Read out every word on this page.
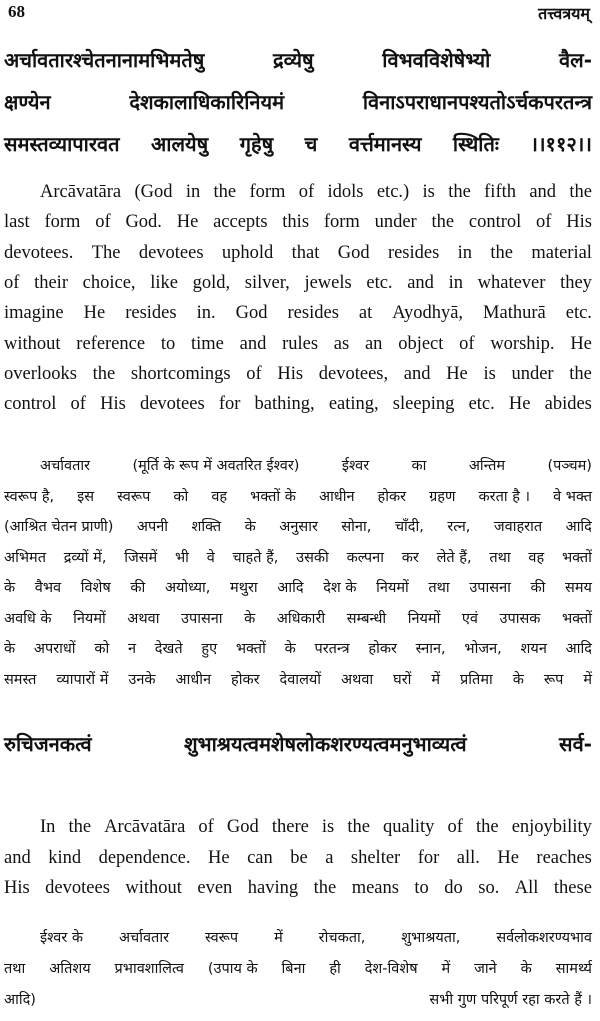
68	तत्त्वत्रयम्
अर्चावतारश्चेतनानामभिमतेषु	द्रव्येषु	विभवविशेषेभ्यो	वैल-
क्षण्येन	देशकालाधिकारिनियमं	विनाऽपराधानपश्यतोऽर्चकपरतन्त्र
समस्तव्यापारवत आलयेषु गृहेषु च वर्त्तमानस्य स्थितिः ।।११२।।
Arcāvatāra (God in the form of idols etc.) is the fifth and the
last form of God. He accepts this form under the control of His
devotees. The devotees uphold that God resides in the material
of their choice, like gold, silver, jewels etc. and in whatever they
imagine He resides in. God resides at Ayodhyā, Mathurā etc.
without reference to time and rules as an object of worship. He
overlooks the shortcomings of His devotees, and He is under the
control of His devotees for bathing, eating, sleeping etc. He abides
अर्चावतार	(मूर्ति के रूप में अवतरित ईश्वर)	ईश्वर	का	अन्तिम	(पञ्चम)
स्वरूप है, इस स्वरूप को वह भक्तों के आधीन होकर ग्रहण करता है । वे भक्त
(आश्रित चेतन प्राणी) अपनी शक्ति के अनुसार सोना, चाँदी, रत्न, जवाहरात आदि
अभिमत द्रव्यों में, जिसमें भी वे चाहते हैं, उसकी कल्पना कर लेते हैं, तथा वह भक्तों
के वैभव विशेष की अयोध्या, मथुरा आदि देश के नियमों तथा उपासना की समय
अवधि के नियमों अथवा उपासना के अधिकारी सम्बन्धी नियमों एवं उपासक भक्तों
के अपराधों को न देखते हुए भक्तों के परतन्त्र होकर स्नान, भोजन, शयन आदि
समस्त व्यापारों में उनके आधीन होकर देवालयों अथवा घरों में प्रतिमा के रूप में
रुचिजनकत्वं	शुभाश्रयत्वमशेषलोकशरण्यत्वमनुभाव्यत्वं	सर्व-
In the Arcāvatāra of God there is the quality of the enjoybility
and kind dependence. He can be a shelter for all. He reaches
His devotees without even having the means to do so. All these
ईश्वर के अर्चावतार स्वरूप में रोचकता, शुभाश्रयता, सर्वलोकशरण्यभाव
तथा अतिशय प्रभावशालित्व (उपाय के बिना ही देश-विशेष में जाने के सामर्थ्य
आदि)	सभी गुण परिपूर्ण रहा करते हैं ।
